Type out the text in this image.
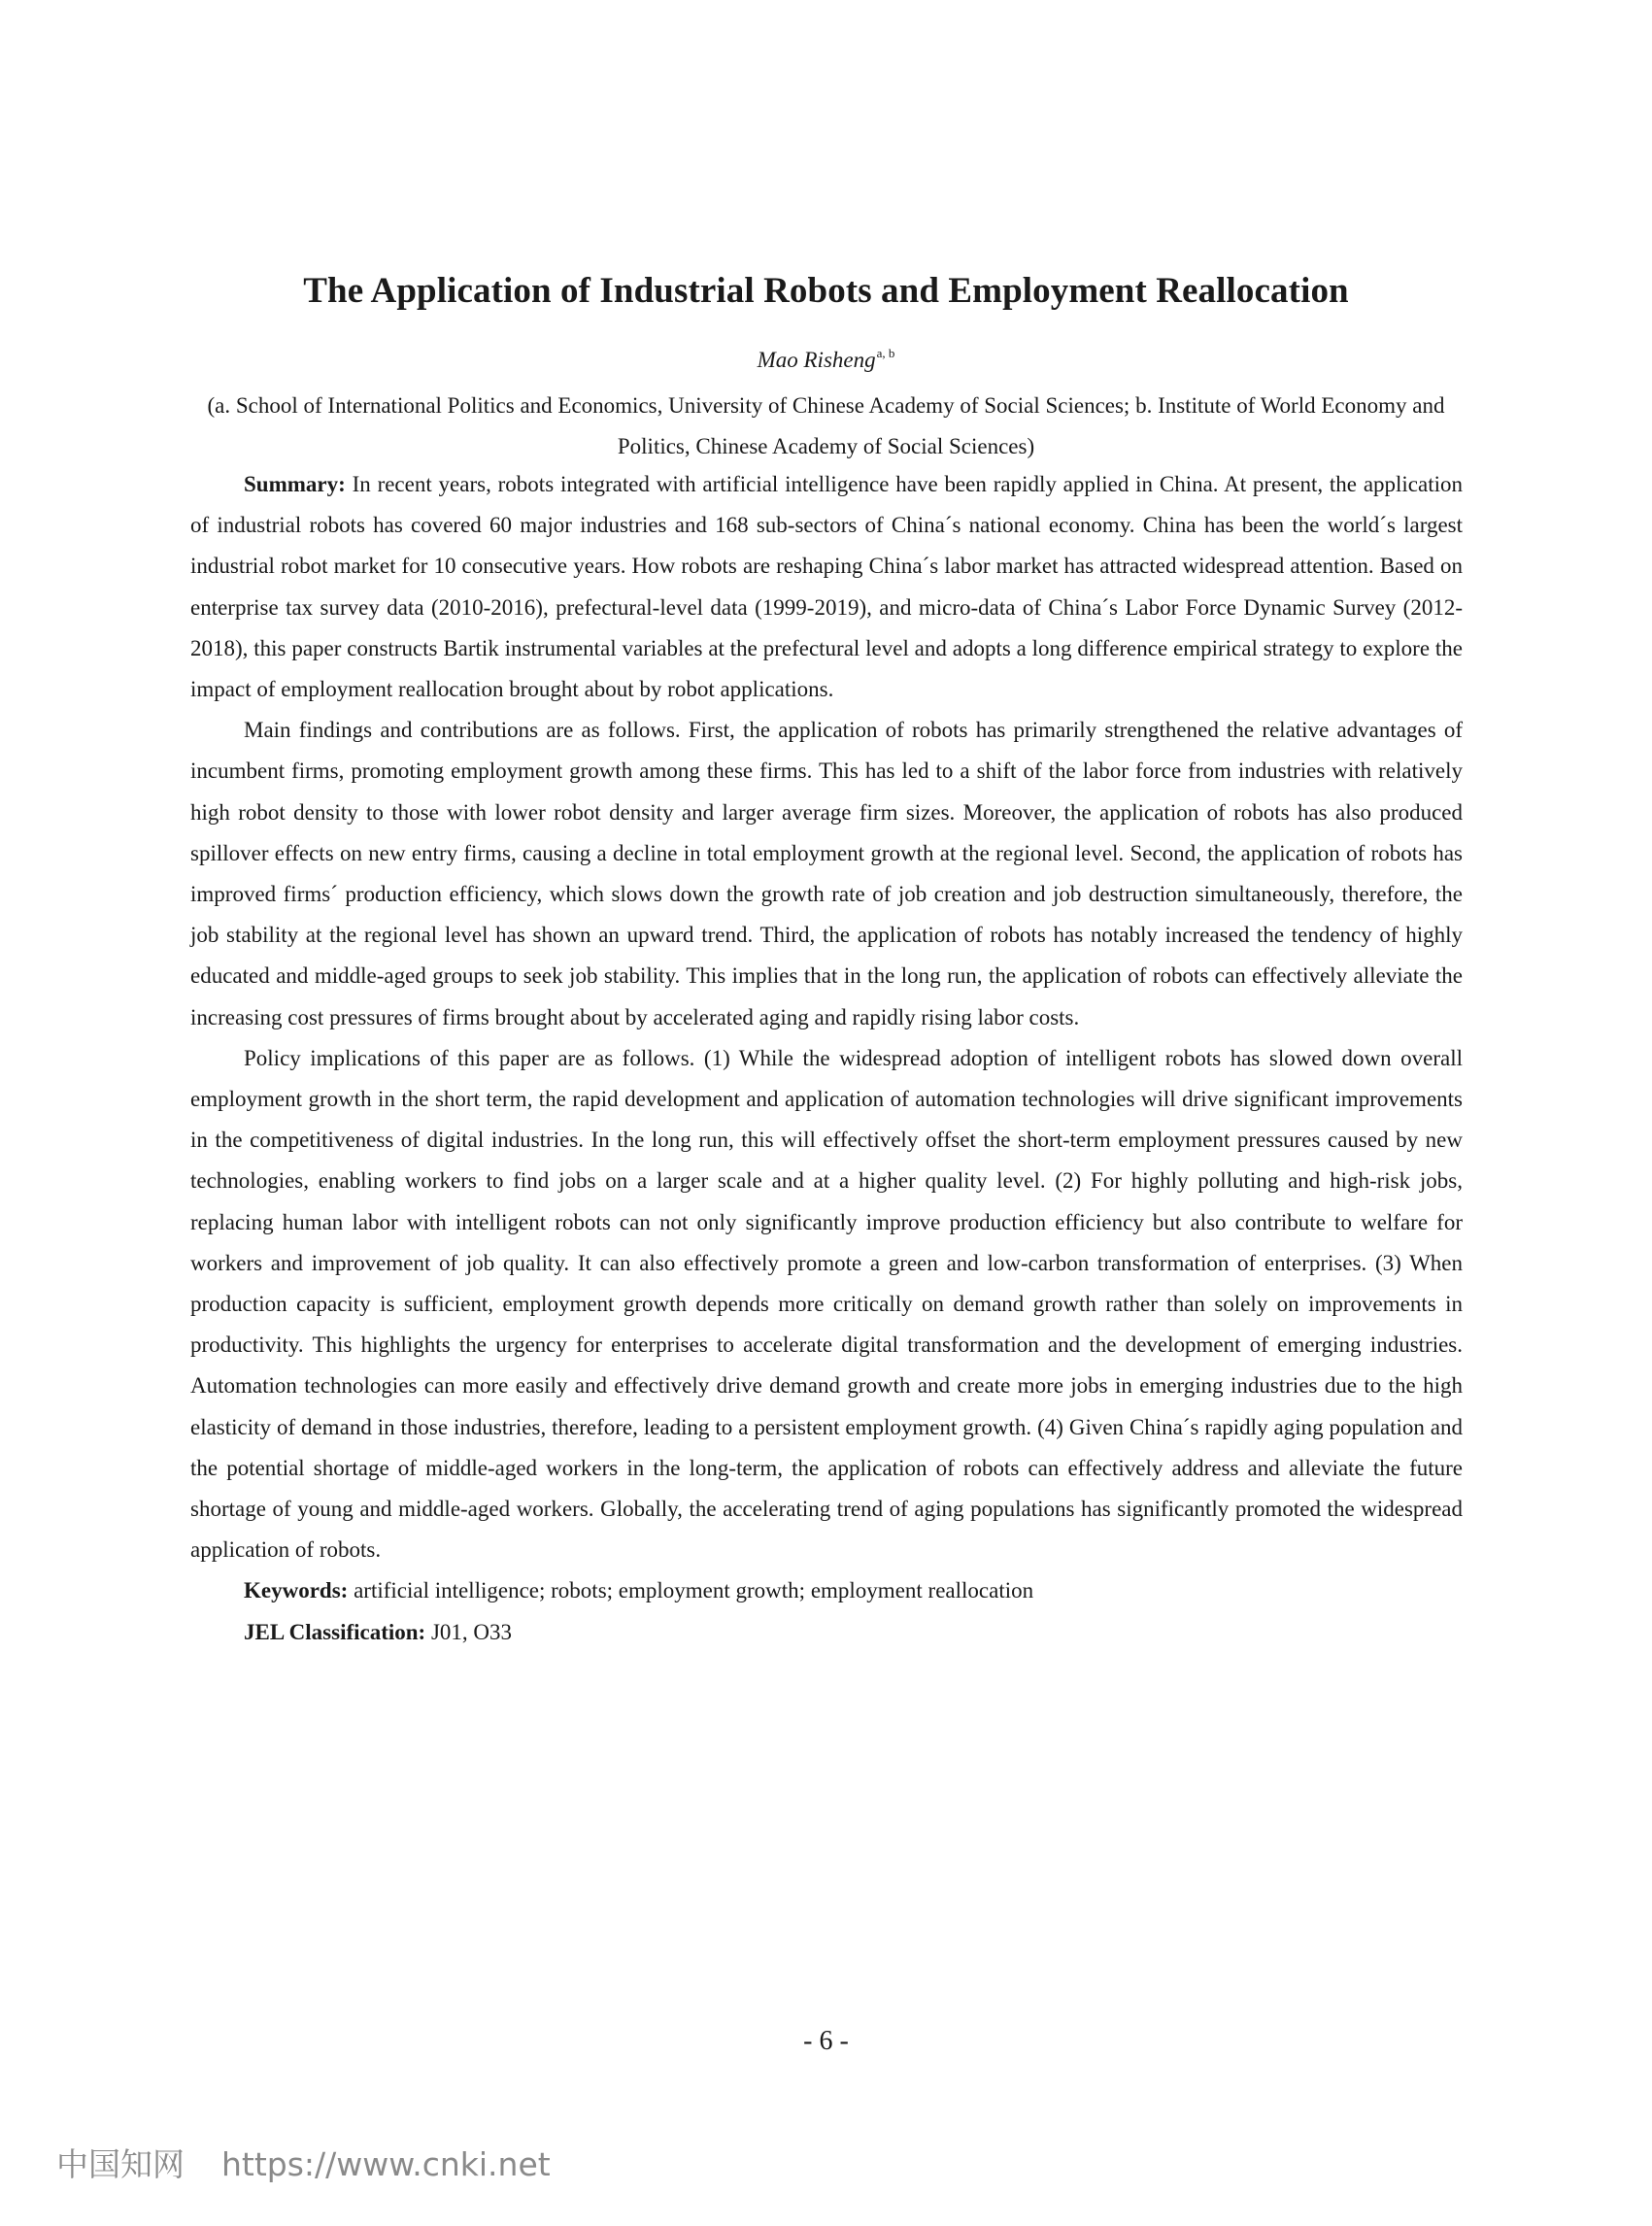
The Application of Industrial Robots and Employment Reallocation
Mao Risheng$^{a, b}$
(a. School of International Politics and Economics, University of Chinese Academy of Social Sciences; b. Institute of World Economy and Politics, Chinese Academy of Social Sciences)

Summary: In recent years, robots integrated with artificial intelligence have been rapidly applied in China. At present, the application of industrial robots has covered 60 major industries and 168 sub-sectors of China´s national economy. China has been the world´s largest industrial robot market for 10 consecutive years. How robots are reshaping China´s labor market has attracted widespread attention. Based on enterprise tax survey data (2010-2016), prefectural-level data (1999-2019), and micro-data of China´s Labor Force Dynamic Survey (2012-2018), this paper constructs Bartik instrumental variables at the prefectural level and adopts a long difference empirical strategy to explore the impact of employment reallocation brought about by robot applications.

Main findings and contributions are as follows. First, the application of robots has primarily strengthened the relative advantages of incumbent firms, promoting employment growth among these firms. This has led to a shift of the labor force from industries with relatively high robot density to those with lower robot density and larger average firm sizes. Moreover, the application of robots has also produced spillover effects on new entry firms, causing a decline in total employment growth at the regional level. Second, the application of robots has improved firms´ production efficiency, which slows down the growth rate of job creation and job destruction simultaneously, therefore, the job stability at the regional level has shown an upward trend. Third, the application of robots has notably increased the tendency of highly educated and middle-aged groups to seek job stability. This implies that in the long run, the application of robots can effectively alleviate the increasing cost pressures of firms brought about by accelerated aging and rapidly rising labor costs.

Policy implications of this paper are as follows. (1) While the widespread adoption of intelligent robots has slowed down overall employment growth in the short term, the rapid development and application of automation technologies will drive significant improvements in the competitiveness of digital industries. In the long run, this will effectively offset the short-term employment pressures caused by new technologies, enabling workers to find jobs on a larger scale and at a higher quality level. (2) For highly polluting and high-risk jobs, replacing human labor with intelligent robots can not only significantly improve production efficiency but also contribute to welfare for workers and improvement of job quality. It can also effectively promote a green and low-carbon transformation of enterprises. (3) When production capacity is sufficient, employment growth depends more critically on demand growth rather than solely on improvements in productivity. This highlights the urgency for enterprises to accelerate digital transformation and the development of emerging industries. Automation technologies can more easily and effectively drive demand growth and create more jobs in emerging industries due to the high elasticity of demand in those industries, therefore, leading to a persistent employment growth. (4) Given China´s rapidly aging population and the potential shortage of middle-aged workers in the long-term, the application of robots can effectively address and alleviate the future shortage of young and middle-aged workers. Globally, the accelerating trend of aging populations has significantly promoted the widespread application of robots.

Keywords: artificial intelligence; robots; employment growth; employment reallocation

JEL Classification: J01, O33

- 6 -
中国知网 https://www.cnki.net
